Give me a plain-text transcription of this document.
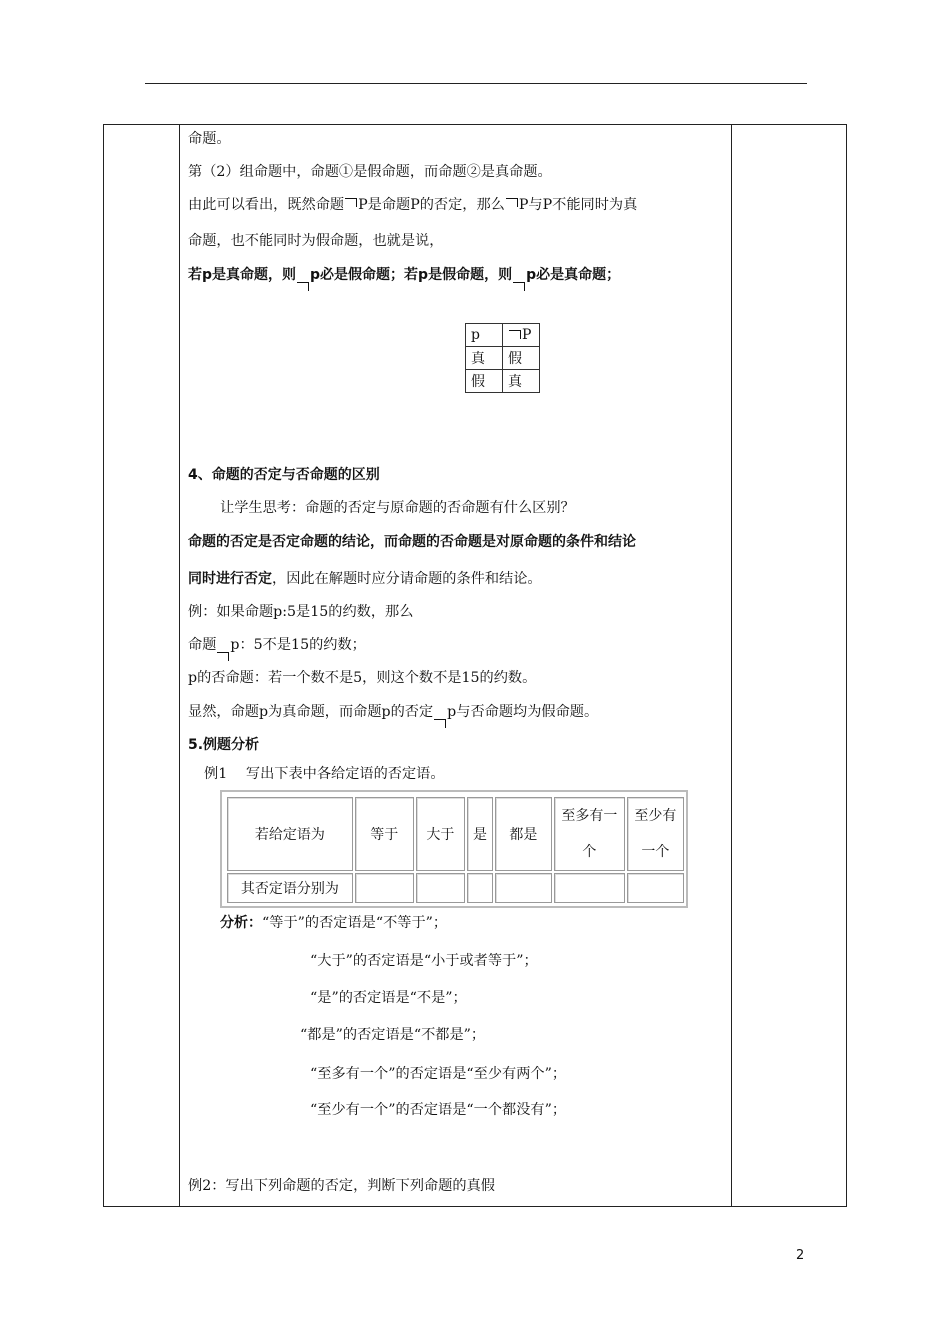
命题。
第（2）组命题中，命题①是假命题，而命题②是真命题。
由此可以看出，既然命题 P是命题P的否定，那么 P与P不能同时为真
命题，也不能同时为假命题，也就是说，
若p是真命题，则 p必是假命题；若p是假命题，则 p必是真命题；
p	P
真	假
假	真
4、命题的否定与否命题的区别
让学生思考：命题的否定与原命题的否命题有什么区别？
命题的否定是否定命题的结论，而命题的否命题是对原命题的条件和结论
同时进行否定，因此在解题时应分请命题的条件和结论。
例：如果命题p:5是15的约数，那么
命题 p：5不是15的约数；
p的否命题：若一个数不是5，则这个数不是15的约数。
显然，命题p为真命题，而命题p的否定 p与否命题均为假命题。
5.例题分析
例1　 写出下表中各给定语的否定语。
若给定语为	等于	大于	是	都是	至多有一个	至少有一个
其否定语分别为						
分析：“等于”的否定语是“不等于”；
“大于”的否定语是“小于或者等于”；
“是”的否定语是“不是”；
“都是”的否定语是“不都是”；
“至多有一个”的否定语是“至少有两个”；
“至少有一个”的否定语是“一个都没有”；
例2：写出下列命题的否定，判断下列命题的真假
2
